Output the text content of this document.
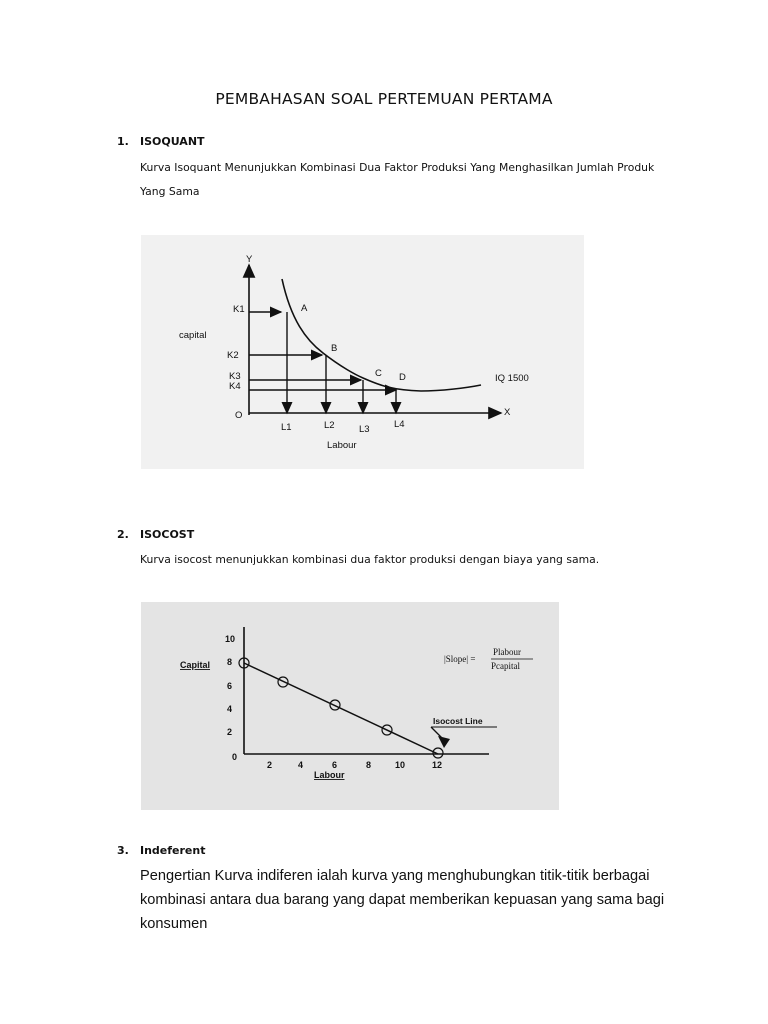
PEMBAHASAN SOAL PERTEMUAN PERTAMA
1. ISOQUANT
Kurva Isoquant Menunjukkan Kombinasi Dua Faktor Produksi Yang Menghasilkan Jumlah Produk Yang Sama
Y
X
O
capital
Labour
IQ 1500
A
B
C D
K1
K2
K3
K4
L1	L2	L3	L4
2. ISOCOST
Kurva isocost menunjukkan kombinasi dua faktor produksi dengan biaya yang sama.
10
8
6
4
2
0
2	4	6	8	10	12
Capital
Labour
Isocost Line
|Slope| =
Plabour
Pcapital
3. Indeferent
Pengertian Kurva indiferen ialah kurva yang menghubungkan titik-titik berbagai kombinasi antara dua barang yang dapat memberikan kepuasan yang sama bagi konsumen
